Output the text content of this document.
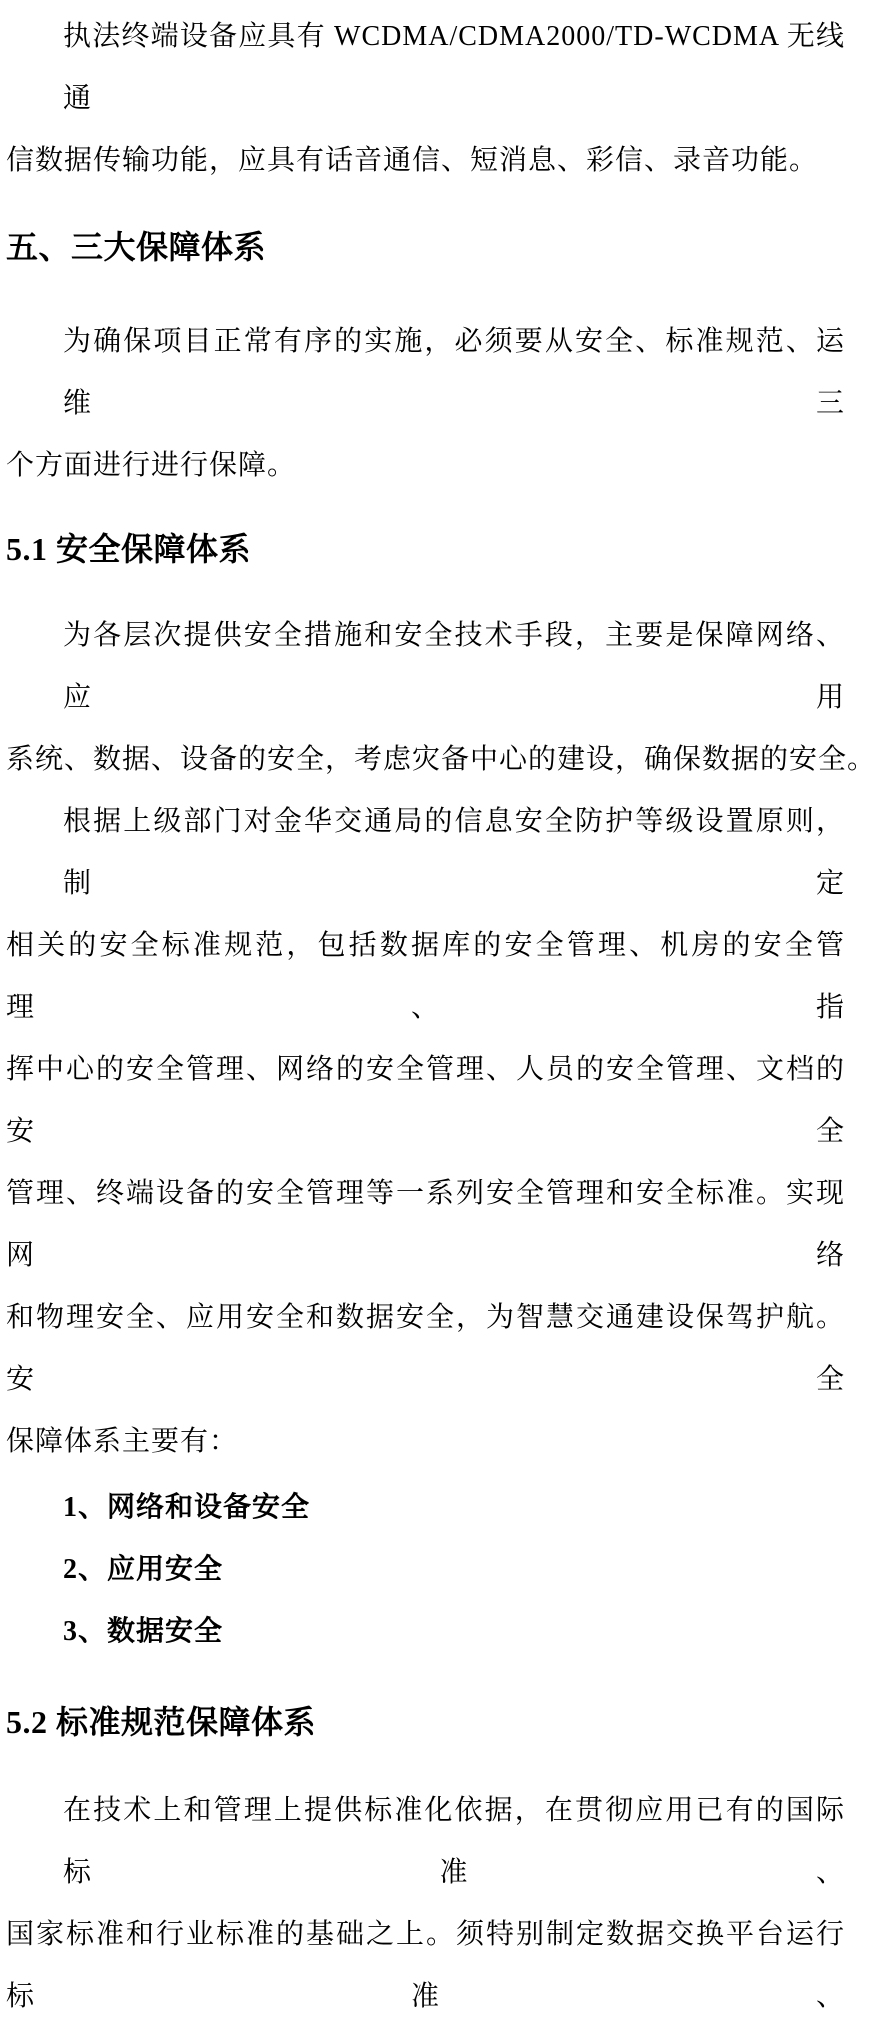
执法终端设备应具有 WCDMA/CDMA2000/TD-WCDMA 无线通
信数据传输功能，应具有话音通信、短消息、彩信、录音功能。

五、三大保障体系

为确保项目正常有序的实施，必须要从安全、标准规范、运维三
个方面进行进行保障。

5.1 安全保障体系

为各层次提供安全措施和安全技术手段，主要是保障网络、应用
系统、数据、设备的安全，考虑灾备中心的建设，确保数据的安全。

根据上级部门对金华交通局的信息安全防护等级设置原则，制定
相关的安全标准规范，包括数据库的安全管理、机房的安全管理、指
挥中心的安全管理、网络的安全管理、人员的安全管理、文档的安全
管理、终端设备的安全管理等一系列安全管理和安全标准。实现网络
和物理安全、应用安全和数据安全，为智慧交通建设保驾护航。安全
保障体系主要有：

1、网络和设备安全
2、应用安全
3、数据安全
5.2 标准规范保障体系

在技术上和管理上提供标准化依据，在贯彻应用已有的国际标准、
国家标准和行业标准的基础之上。须特别制定数据交换平台运行标准、
